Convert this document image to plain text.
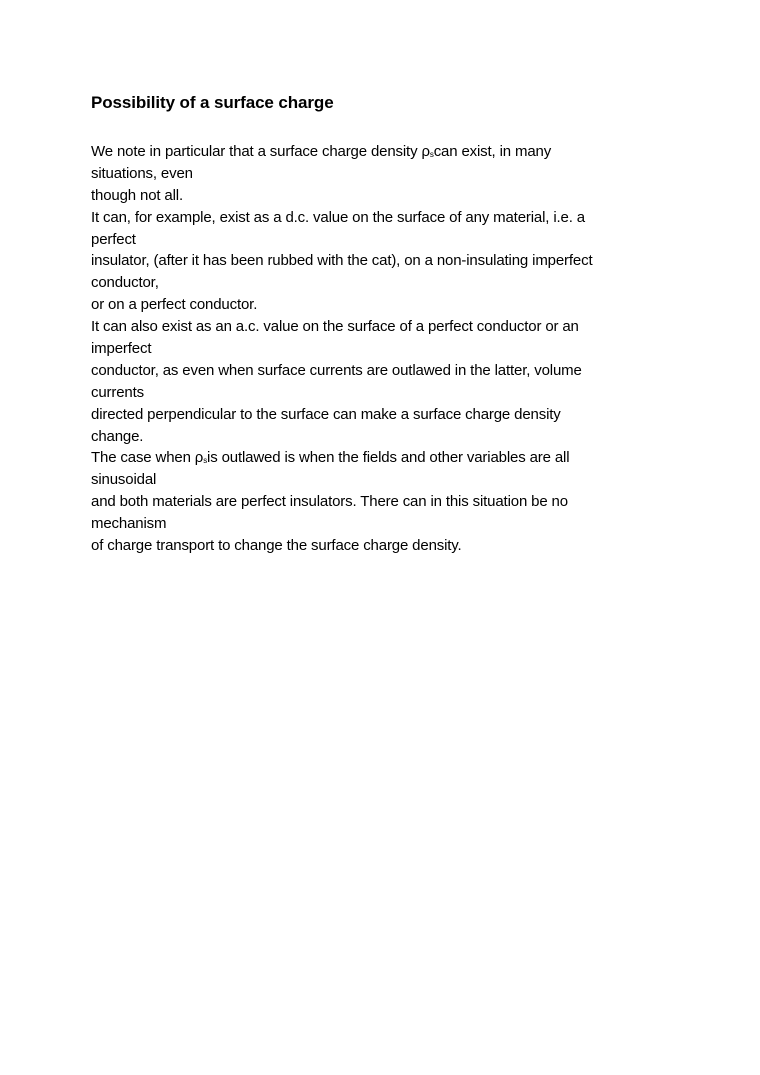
Possibility of a surface charge
We note in particular that a surface charge density ρscan exist, in many
situations, even
though not all.
It can, for example, exist as a d.c. value on the surface of any material, i.e. a
perfect
insulator, (after it has been rubbed with the cat), on a non-insulating imperfect
conductor,
or on a perfect conductor.
It can also exist as an a.c. value on the surface of a perfect conductor or an
imperfect
conductor, as even when surface currents are outlawed in the latter, volume
currents
directed perpendicular to the surface can make a surface charge density
change.
The case when ρsis outlawed is when the fields and other variables are all
sinusoidal
and both materials are perfect insulators. There can in this situation be no
mechanism
of charge transport to change the surface charge density.
